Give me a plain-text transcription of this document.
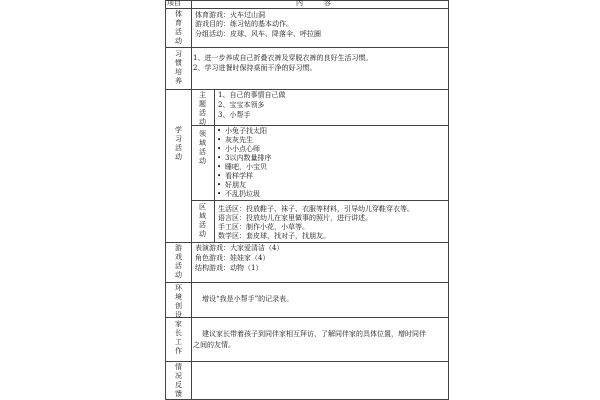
项目	内　　　容
体育活动
体育游戏：火车过山洞
游戏目的：练习钻的基本动作。
分组活动：皮球、风车、降落伞、呼拉圈
习惯培养
1、进一步养成自己折叠衣裤及穿脱衣裤的良好生活习惯。
2、学习进餐时保持桌面干净的好习惯。
学习活动
主题活动
1、自己的事情自己做
2、宝宝本领多
3、小帮手
领域活动
• 小兔子找太阳
• 灰灰先生
• 小小点心师
• 3以内数量排序
• 睡吧，小宝贝
• 看样学样
• 好朋友
• 不乱扔垃圾
区域活动
生活区：投放鞋子、袜子、衣服等材料，引导幼儿穿鞋穿衣等。
语言区：投放幼儿在家里做事的照片，进行讲述。
手工区：制作小花，小草等。
数学区：套皮球，找对子，找朋友。
游戏活动
表演游戏：大家爱清洁（4）
角色游戏：娃娃家（4）
结构游戏：动物（1）
环境创设
增设“我是小帮手”的记录表。
家长工作
建议家长带着孩子到同伴家相互拜访，了解同伴家的具体位置，增时同伴
之间的友情。
情况反馈
